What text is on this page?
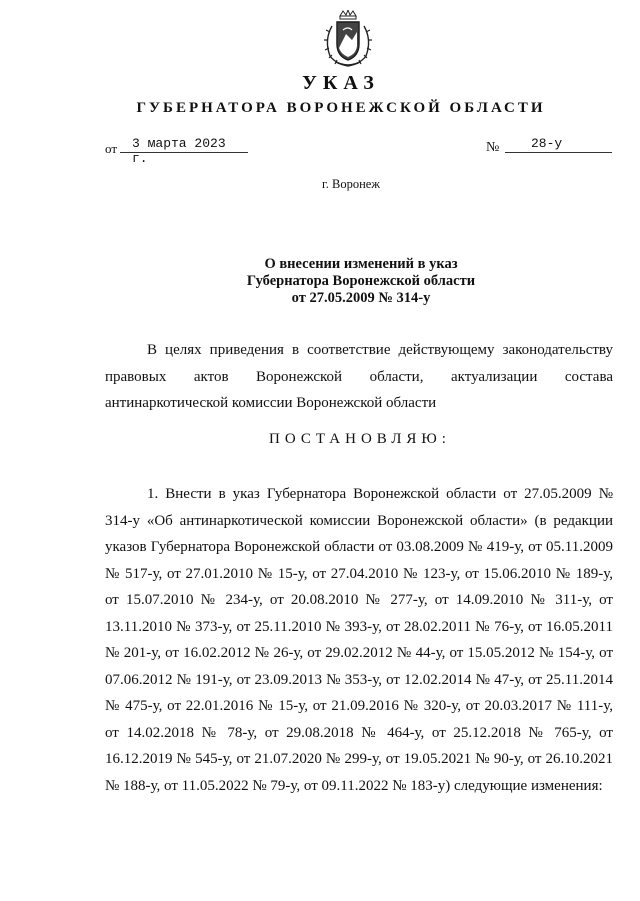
УКАЗ
ГУБЕРНАТОРА ВОРОНЕЖСКОЙ ОБЛАСТИ
от	3 марта 2023 г.
№	28-у
г. Воронеж
О внесении изменений в указ
Губернатора Воронежской области
от 27.05.2009 № 314-у
В целях приведения в соответствие действующему законодательству правовых актов Воронежской области, актуализации состава антинаркотической комиссии Воронежской области
ПОСТАНОВЛЯЮ:
1. Внести в указ Губернатора Воронежской области от 27.05.2009 № 314-у «Об антинаркотической комиссии Воронежской области» (в редакции указов Губернатора Воронежской области от 03.08.2009 № 419-у, от 05.11.2009 № 517-у, от 27.01.2010 № 15-у, от 27.04.2010 № 123-у, от 15.06.2010 № 189-у, от 15.07.2010 № 234-у, от 20.08.2010 № 277-у, от 14.09.2010 № 311-у, от 13.11.2010 № 373-у, от 25.11.2010 № 393-у, от 28.02.2011 № 76-у, от 16.05.2011 № 201-у, от 16.02.2012 № 26-у, от 29.02.2012 № 44-у, от 15.05.2012 № 154-у, от 07.06.2012 № 191-у, от 23.09.2013 № 353-у, от 12.02.2014 № 47-у, от 25.11.2014 № 475-у, от 22.01.2016 № 15-у, от 21.09.2016 № 320-у, от 20.03.2017 № 111-у, от 14.02.2018 № 78-у, от 29.08.2018 № 464-у, от 25.12.2018 № 765-у, от 16.12.2019 № 545-у, от 21.07.2020 № 299-у, от 19.05.2021 № 90-у, от 26.10.2021 № 188-у, от 11.05.2022 № 79-у, от 09.11.2022 № 183-у) следующие изменения:
